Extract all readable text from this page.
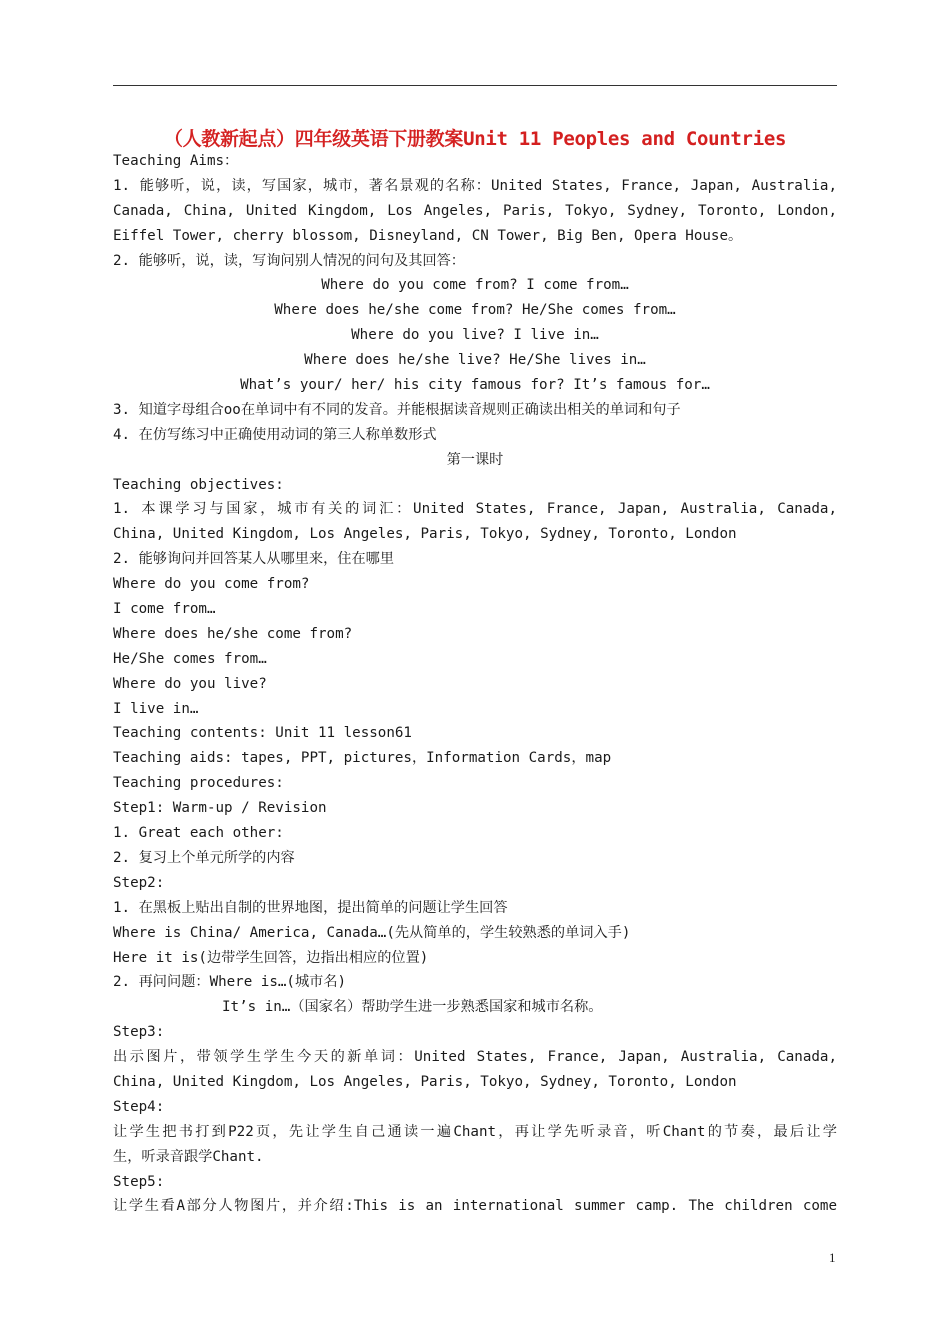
（人教新起点）四年级英语下册教案Unit 11 Peoples and Countries
Teaching Aims：
1. 能够听，说，读，写国家，城市，著名景观的名称：United States, France, Japan, Australia,
Canada, China, United Kingdom, Los Angeles, Paris, Tokyo, Sydney, Toronto, London,
Eiffel Tower, cherry blossom, Disneyland, CN Tower, Big Ben, Opera House。
2. 能够听，说，读，写询问别人情况的问句及其回答：
Where do you come from? I come from…
Where does he/she come from? He/She comes from…
Where do you live? I live in…
Where does he/she live? He/She lives in…
What’s your/ her/ his city famous for? It’s famous for…
3. 知道字母组合oo在单词中有不同的发音。并能根据读音规则正确读出相关的单词和句子
4. 在仿写练习中正确使用动词的第三人称单数形式
第一课时
Teaching objectives:
1. 本课学习与国家，城市有关的词汇：United States, France, Japan, Australia, Canada,
China, United Kingdom, Los Angeles, Paris, Tokyo, Sydney, Toronto, London
2. 能够询问并回答某人从哪里来，住在哪里
Where do you come from?
I come from…
Where does he/she come from?
He/She comes from…
Where do you live?
I live in…
Teaching contents: Unit 11 lesson61
Teaching aids: tapes, PPT, pictures，Information Cards，map
Teaching procedures:
Step1: Warm-up / Revision
1. Great each other:
2. 复习上个单元所学的内容
Step2:
1. 在黑板上贴出自制的世界地图，提出简单的问题让学生回答
Where is China/ America, Canada…(先从简单的，学生较熟悉的单词入手)
Here it is(边带学生回答，边指出相应的位置)
2. 再问问题：Where is…(城市名)
It’s in…（国家名）帮助学生进一步熟悉国家和城市名称。
Step3:
出示图片，带领学生学生今天的新单词：United States, France, Japan, Australia, Canada,
China, United Kingdom, Los Angeles, Paris, Tokyo, Sydney, Toronto, London
Step4:
让学生把书打到P22页，先让学生自己通读一遍Chant，再让学先听录音，听Chant的节奏，最后让学
生，听录音跟学Chant.
Step5:
让学生看A部分人物图片，并介绍:This is an international summer camp. The children come
1
